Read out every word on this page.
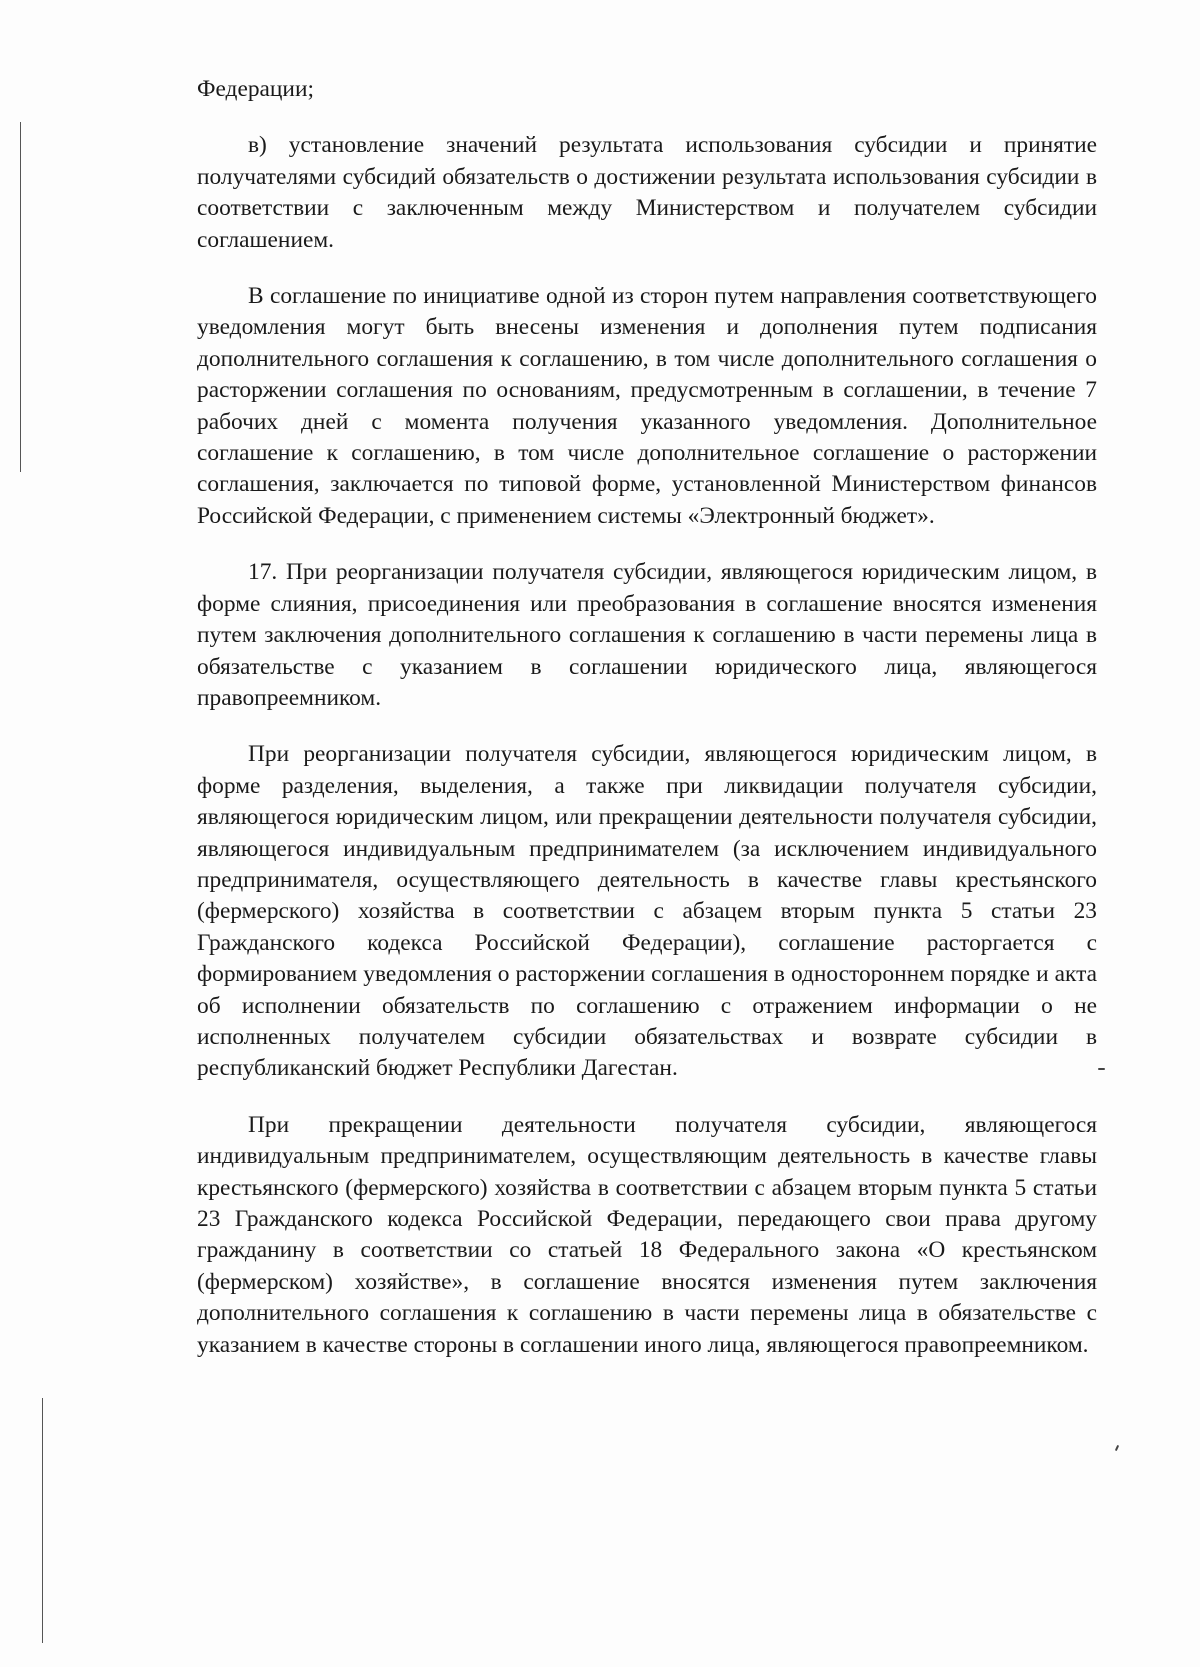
Федерации;

в) установление значений результата использования субсидии и принятие получателями субсидий обязательств о достижении результата использования субсидии в соответствии с заключенным между Министерством и получателем субсидии соглашением.

В соглашение по инициативе одной из сторон путем направления соответствующего уведомления могут быть внесены изменения и дополнения путем подписания дополнительного соглашения к соглашению, в том числе дополнительного соглашения о расторжении соглашения по основаниям, предусмотренным в соглашении, в течение 7 рабочих дней с момента получения указанного уведомления. Дополнительное соглашение к соглашению, в том числе дополнительное соглашение о расторжении соглашения, заключается по типовой форме, установленной Министерством финансов Российской Федерации, с применением системы «Электронный бюджет».

17. При реорганизации получателя субсидии, являющегося юридическим лицом, в форме слияния, присоединения или преобразования в соглашение вносятся изменения путем заключения дополнительного соглашения к соглашению в части перемены лица в обязательстве с указанием в соглашении юридического лица, являющегося правопреемником.

При реорганизации получателя субсидии, являющегося юридическим лицом, в форме разделения, выделения, а также при ликвидации получателя субсидии, являющегося юридическим лицом, или прекращении деятельности получателя субсидии, являющегося индивидуальным предпринимателем (за исключением индивидуального предпринимателя, осуществляющего деятельность в качестве главы крестьянского (фермерского) хозяйства в соответствии с абзацем вторым пункта 5 статьи 23 Гражданского кодекса Российской Федерации), соглашение расторгается с формированием уведомления о расторжении соглашения в одностороннем порядке и акта об исполнении обязательств по соглашению с отражением информации о не исполненных получателем субсидии обязательствах и возврате субсидии в республиканский бюджет Республики Дагестан.

При прекращении деятельности получателя субсидии, являющегося индивидуальным предпринимателем, осуществляющим деятельность в качестве главы крестьянского (фермерского) хозяйства в соответствии с абзацем вторым пункта 5 статьи 23 Гражданского кодекса Российской Федерации, передающего свои права другому гражданину в соответствии со статьей 18 Федерального закона «О крестьянском (фермерском) хозяйстве», в соглашение вносятся изменения путем заключения дополнительного соглашения к соглашению в части перемены лица в обязательстве с указанием в качестве стороны в соглашении иного лица, являющегося правопреемником.
